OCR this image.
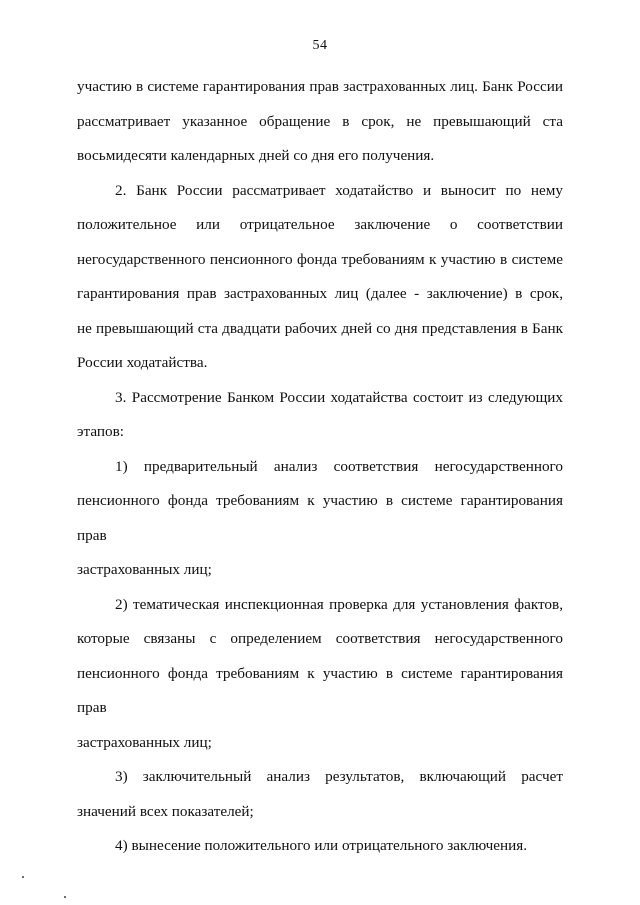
54

участию в системе гарантирования прав застрахованных лиц. Банк России
рассматривает указанное обращение в срок, не превышающий ста
восьмидесяти календарных дней со дня его получения.

2. Банк России рассматривает ходатайство и выносит по нему
положительное или отрицательное заключение о соответствии
негосударственного пенсионного фонда требованиям к участию в системе
гарантирования прав застрахованных лиц (далее - заключение) в срок,
не превышающий ста двадцати рабочих дней со дня представления в Банк
России ходатайства.

3. Рассмотрение Банком России ходатайства состоит из следующих
этапов:

1) предварительный анализ соответствия негосударственного
пенсионного фонда требованиям к участию в системе гарантирования прав
застрахованных лиц;

2) тематическая инспекционная проверка для установления фактов,
которые связаны с определением соответствия негосударственного
пенсионного фонда требованиям к участию в системе гарантирования прав
застрахованных лиц;

3) заключительный анализ результатов, включающий расчет
значений всех показателей;

4) вынесение положительного или отрицательного заключения.
